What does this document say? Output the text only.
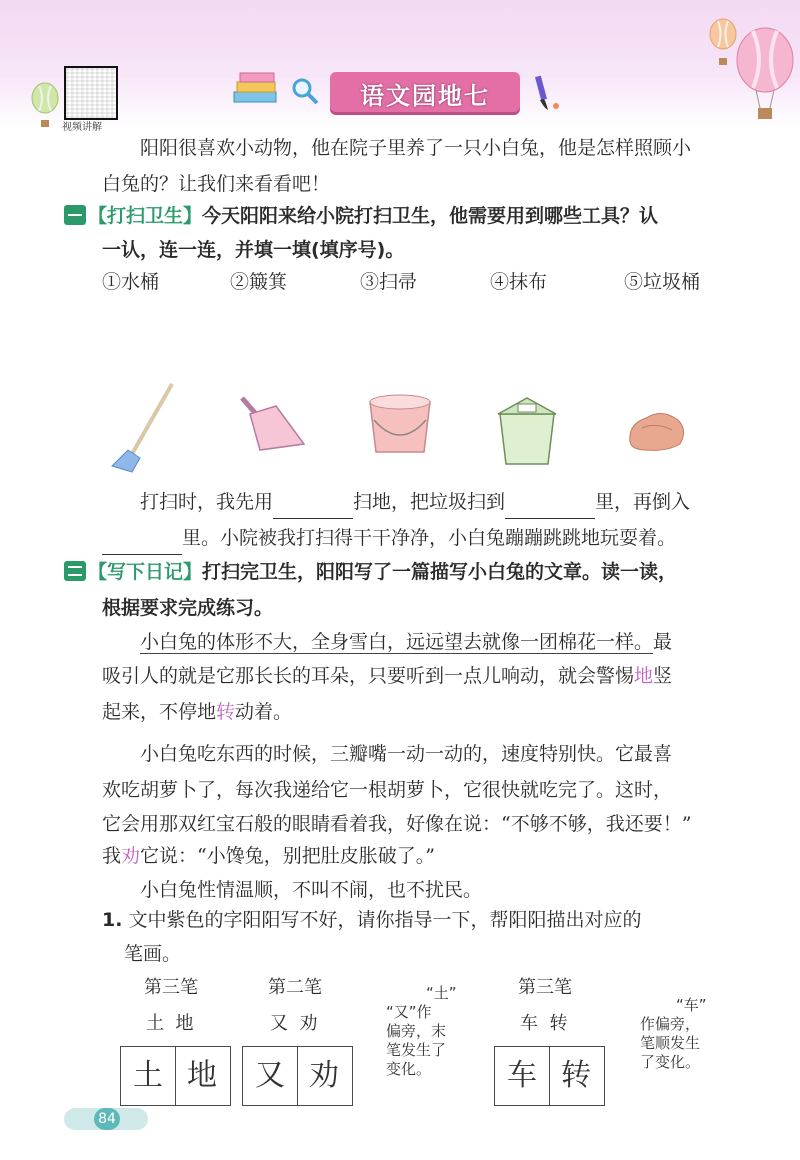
视频讲解
语文园地七
阳阳很喜欢小动物，他在院子里养了一只小白兔，他是怎样照顾小
白兔的？让我们来看看吧！
【打扫卫生】今天阳阳来给小院打扫卫生，他需要用到哪些工具？认
一认，连一连，并填一填(填序号)。
①水桶	②簸箕	③扫帚	④抹布	⑤垃圾桶
打扫时，我先用	扫地，把垃圾扫到	里，再倒入
里。小院被我打扫得干干净净，小白兔蹦蹦跳跳地玩耍着。
【写下日记】打扫完卫生，阳阳写了一篇描写小白兔的文章。读一读，
根据要求完成练习。
小白兔的体形不大，全身雪白，远远望去就像一团棉花一样。最
吸引人的就是它那长长的耳朵，只要听到一点儿响动，就会警惕地竖
起来，不停地转动着。
小白兔吃东西的时候，三瓣嘴一动一动的，速度特别快。它最喜
欢吃胡萝卜了，每次我递给它一根胡萝卜，它很快就吃完了。这时，
它会用那双红宝石般的眼睛看着我，好像在说：“不够不够，我还要！”
我劝它说：“小馋兔，别把肚皮胀破了。”
小白兔性情温顺，不叫不闹，也不扰民。
1. 文中紫色的字阳阳写不好，请你指导一下，帮阳阳描出对应的
笔画。
第三笔
土  地
第二笔
又  劝
第三笔
车  转
土 地	又 劝	车 转
“土”
“又”作
偏旁，末
笔发生了
变化。
“车”
作偏旁，
笔顺发生
了变化。
84
